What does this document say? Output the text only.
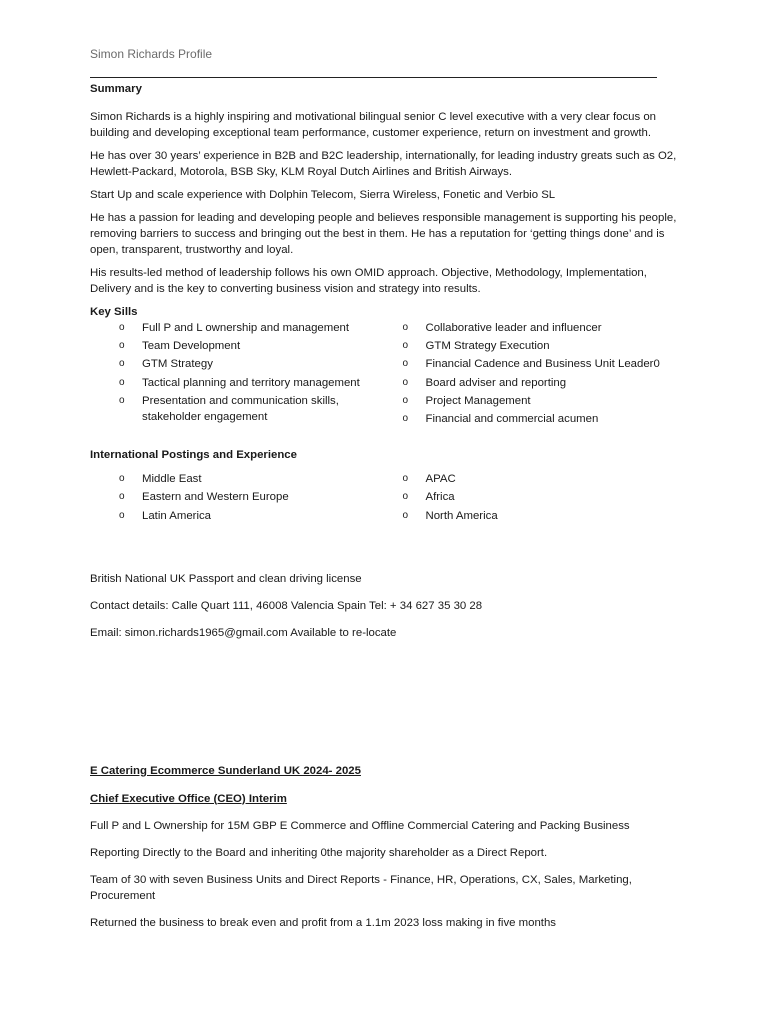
Simon Richards Profile
Summary

Simon Richards is a highly inspiring and motivational bilingual senior C level executive with a very clear focus on building and developing exceptional team performance, customer experience, return on investment and growth.

He has over 30 years’ experience in B2B and B2C leadership, internationally, for leading industry greats such as O2, Hewlett-Packard, Motorola, BSB Sky, KLM Royal Dutch Airlines and British Airways.

Start Up and scale experience with Dolphin Telecom, Sierra Wireless, Fonetic and Verbio SL

He has a passion for leading and developing people and believes responsible management is supporting his people, removing barriers to success and bringing out the best in them. He has a reputation for ‘getting things done’ and is open, transparent, trustworthy and loyal.

His results-led method of leadership follows his own OMID approach. Objective, Methodology, Implementation, Delivery and is the key to converting business vision and strategy into results.

Key Sills
o Full P and L ownership and management
o Team Development
o GTM Strategy
o Tactical planning and territory management
o Presentation and communication skills, stakeholder engagement
o Collaborative leader and influencer
o GTM Strategy Execution
o Financial Cadence and Business Unit Leader0
o Board adviser and reporting
o Project Management
o Financial and commercial acumen
International Postings and Experience
o Middle East
o Eastern and Western Europe
o Latin America
o APAC
o Africa
o North America

British National UK Passport and clean driving license

Contact details: Calle Quart 111, 46008 Valencia Spain Tel: + 34 627 35 30 28

Email: simon.richards1965@gmail.com Available to re-locate

E Catering Ecommerce Sunderland UK 2024- 2025
Chief Executive Office (CEO) Interim

Full P and L Ownership for 15M GBP E Commerce and Offline Commercial Catering and Packing Business

Reporting Directly to the Board and inheriting 0the majority shareholder as a Direct Report.

Team of 30 with seven Business Units and Direct Reports - Finance, HR, Operations, CX, Sales, Marketing, Procurement

Returned the business to break even and profit from a 1.1m 2023 loss making in five months
